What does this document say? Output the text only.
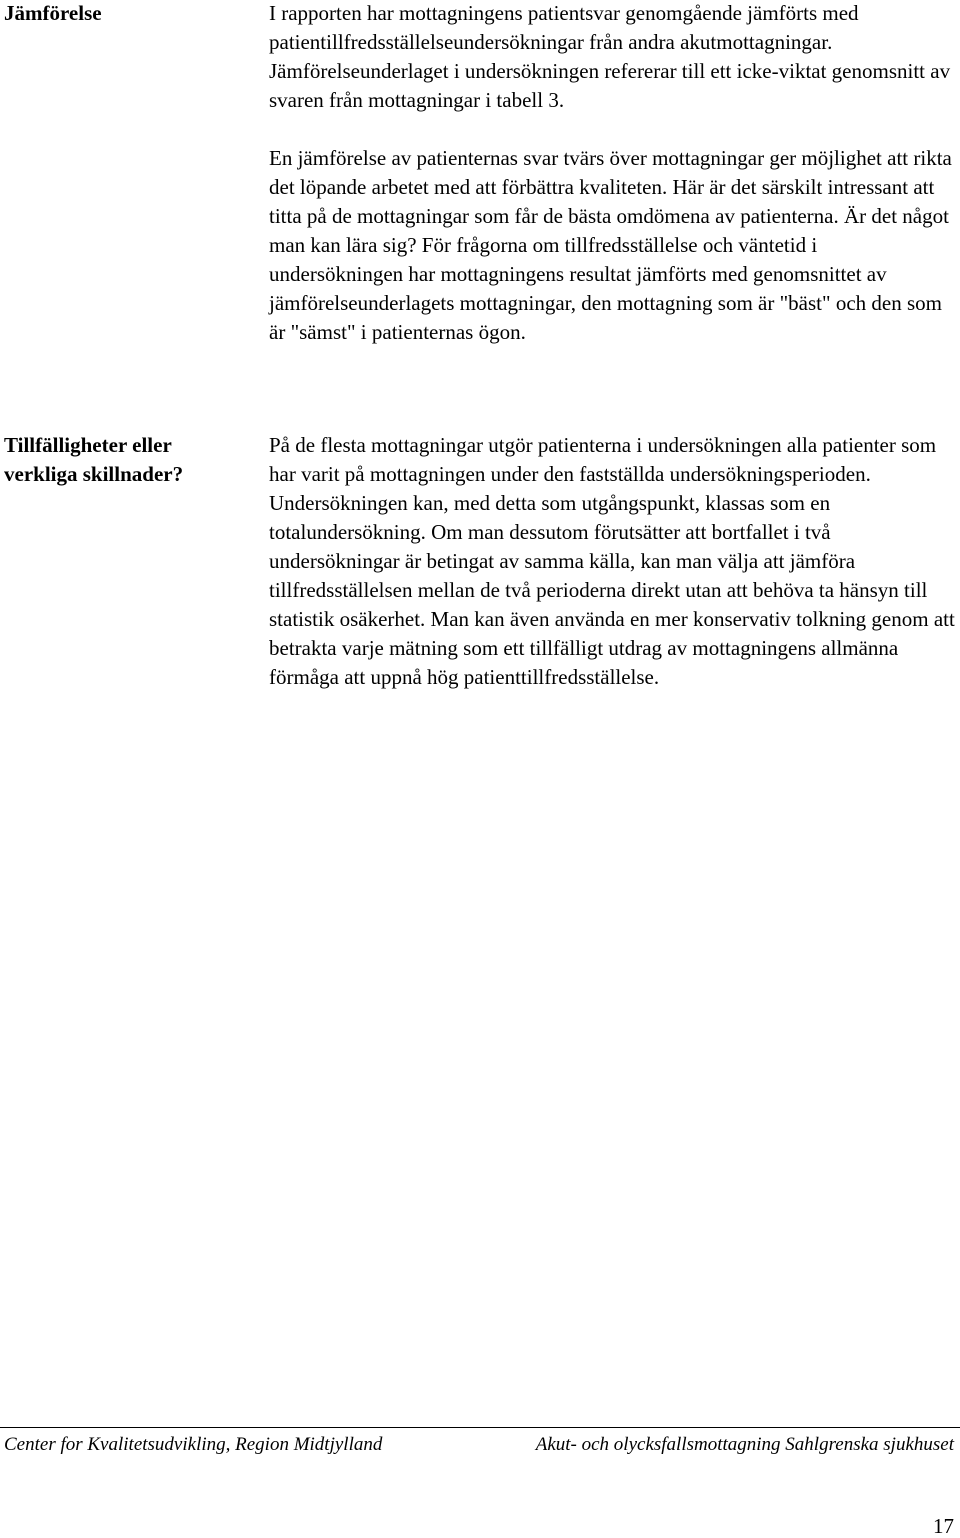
Jämförelse	I rapporten har mottagningens patientsvar genomgående jämförts med patientillfredsställelseundersökningar från andra akutmottagningar. Jämförelseunderlaget i undersökningen refererar till ett icke-viktat genomsnitt av svaren från mottagningar i tabell 3.

En jämförelse av patienternas svar tvärs över mottagningar ger möjlighet att rikta det löpande arbetet med att förbättra kvaliteten. Här är det särskilt intressant att titta på de mottagningar som får de bästa omdömena av patienterna. Är det något man kan lära sig? För frågorna om tillfredsställelse och väntetid i undersökningen har mottagningens resultat jämförts med genomsnittet av jämförelseunderlagets mottagningar, den mottagning som är "bäst" och den som är "sämst" i patienternas ögon.

Tillfälligheter eller verkliga skillnader?

På de flesta mottagningar utgör patienterna i undersökningen alla patienter som har varit på mottagningen under den fastställda undersökningsperioden. Undersökningen kan, med detta som utgångspunkt, klassas som en totalundersökning. Om man dessutom förutsätter att bortfallet i två undersökningar är betingat av samma källa, kan man välja att jämföra tillfredsställelsen mellan de två perioderna direkt utan att behöva ta hänsyn till statistik osäkerhet. Man kan även använda en mer konservativ tolkning genom att betrakta varje mätning som ett tillfälligt utdrag av mottagningens allmänna förmåga att uppnå hög patienttillfredsställelse.

Center for Kvalitetsudvikling, Region Midtjylland	Akut- och olycksfallsmottagning Sahlgrenska sjukhuset
17
